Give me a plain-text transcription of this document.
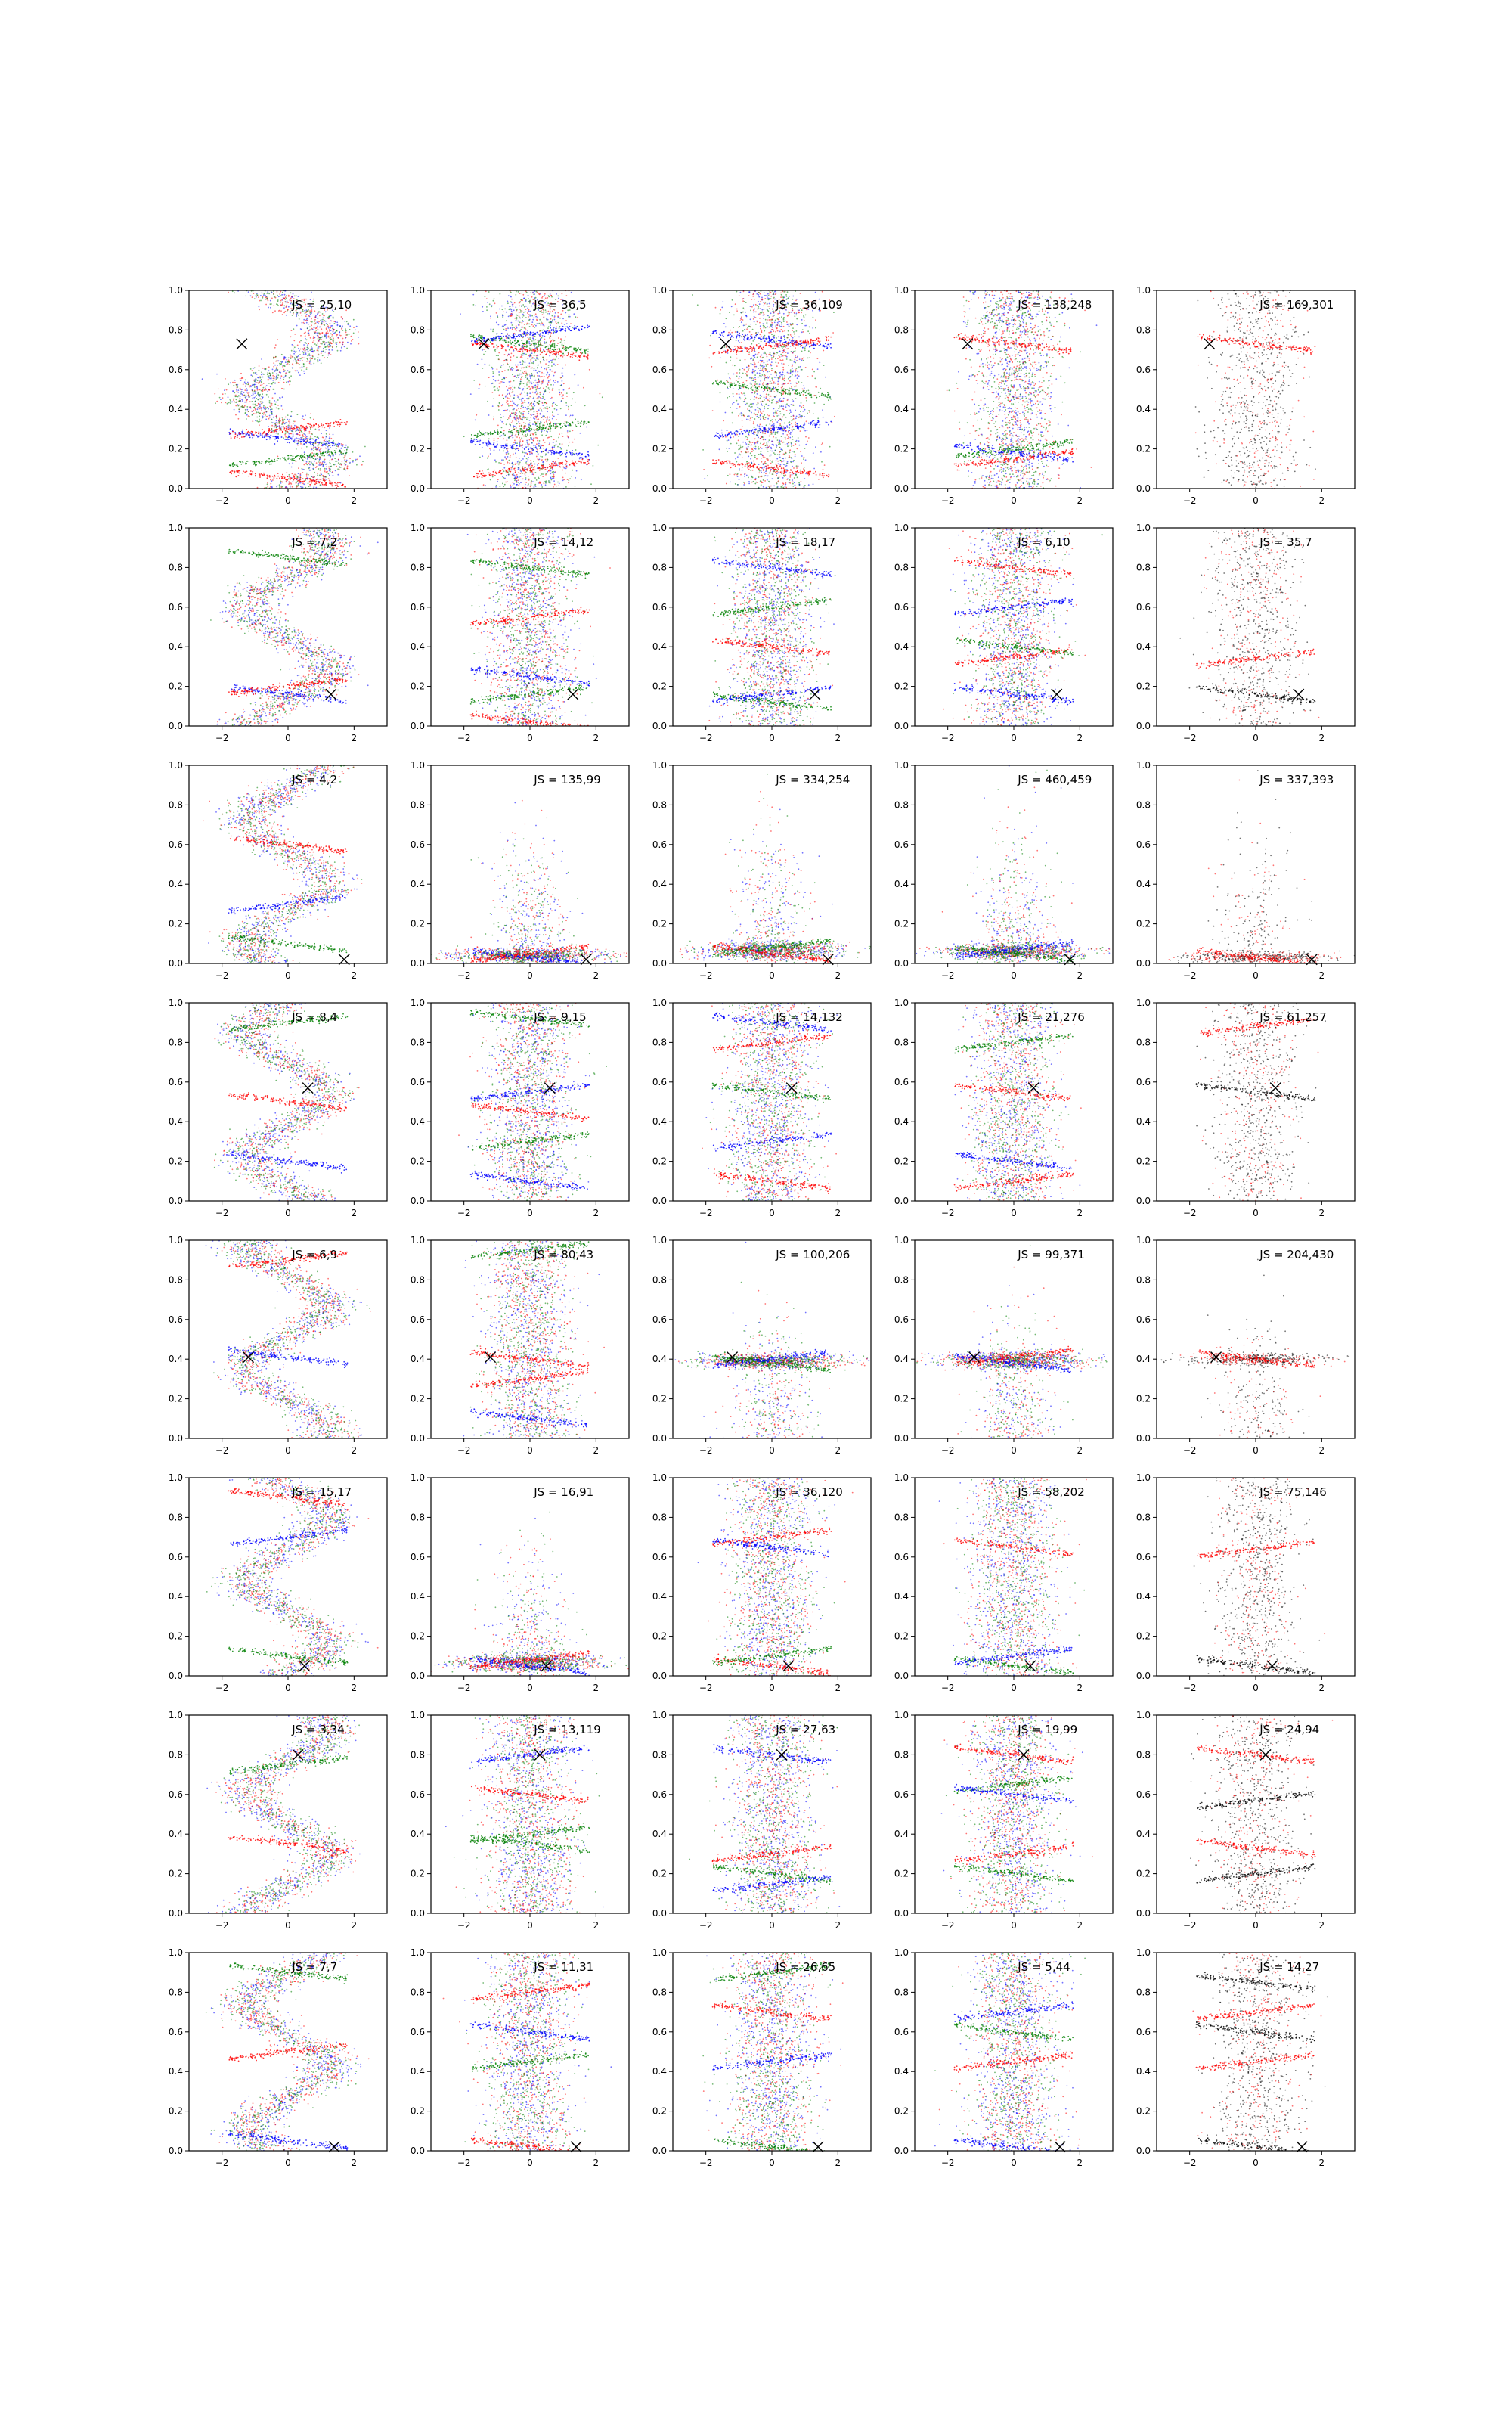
0.0
0.2
0.4
0.6
0.8
1.0
−2	0	2
JS = 25,10
0.0
0.2
0.4
0.6
0.8
1.0
−2	0	2
JS = 36,5
0.0
0.2
0.4
0.6
0.8
1.0
−2	0	2
JS = 36,109
0.0
0.2
0.4
0.6
0.8
1.0
−2	0	2
JS = 138,248
0.0
0.2
0.4
0.6
0.8
1.0
−2	0	2
JS = 169,301
0.0
0.2
0.4
0.6
0.8
1.0
−2	0	2
JS = 7,2
0.0
0.2
0.4
0.6
0.8
1.0
−2	0	2
JS = 14,12
0.0
0.2
0.4
0.6
0.8
1.0
−2	0	2
JS = 18,17
0.0
0.2
0.4
0.6
0.8
1.0
−2	0	2
JS = 6,10
0.0
0.2
0.4
0.6
0.8
1.0
−2	0	2
JS = 35,7
0.0
0.2
0.4
0.6
0.8
1.0
−2	0	2
JS = 4,2
0.0
0.2
0.4
0.6
0.8
1.0
−2	0	2
JS = 135,99
0.0
0.2
0.4
0.6
0.8
1.0
−2	0	2
JS = 334,254
0.0
0.2
0.4
0.6
0.8
1.0
−2	0	2
JS = 460,459
0.0
0.2
0.4
0.6
0.8
1.0
−2	0	2
JS = 337,393
0.0
0.2
0.4
0.6
0.8
1.0
−2	0	2
JS = 8,4
0.0
0.2
0.4
0.6
0.8
1.0
−2	0	2
JS = 9,15
0.0
0.2
0.4
0.6
0.8
1.0
−2	0	2
JS = 14,132
0.0
0.2
0.4
0.6
0.8
1.0
−2	0	2
JS = 21,276
0.0
0.2
0.4
0.6
0.8
1.0
−2	0	2
JS = 61,257
0.0
0.2
0.4
0.6
0.8
1.0
−2	0	2
JS = 6,9
0.0
0.2
0.4
0.6
0.8
1.0
−2	0	2
JS = 80,43
0.0
0.2
0.4
0.6
0.8
1.0
−2	0	2
JS = 100,206
0.0
0.2
0.4
0.6
0.8
1.0
−2	0	2
JS = 99,371
0.0
0.2
0.4
0.6
0.8
1.0
−2	0	2
JS = 204,430
0.0
0.2
0.4
0.6
0.8
1.0
−2	0	2
JS = 15,17
0.0
0.2
0.4
0.6
0.8
1.0
−2	0	2
JS = 16,91
0.0
0.2
0.4
0.6
0.8
1.0
−2	0	2
JS = 36,120
0.0
0.2
0.4
0.6
0.8
1.0
−2	0	2
JS = 58,202
0.0
0.2
0.4
0.6
0.8
1.0
−2	0	2
JS = 75,146
0.0
0.2
0.4
0.6
0.8
1.0
−2	0	2
JS = 3,34
0.0
0.2
0.4
0.6
0.8
1.0
−2	0	2
JS = 13,119
0.0
0.2
0.4
0.6
0.8
1.0
−2	0	2
JS = 27,63
0.0
0.2
0.4
0.6
0.8
1.0
−2	0	2
JS = 19,99
0.0
0.2
0.4
0.6
0.8
1.0
−2	0	2
JS = 24,94
0.0
0.2
0.4
0.6
0.8
1.0
−2	0	2
JS = 7,7
0.0
0.2
0.4
0.6
0.8
1.0
−2	0	2
JS = 11,31
0.0
0.2
0.4
0.6
0.8
1.0
−2	0	2
JS = 26,65
0.0
0.2
0.4
0.6
0.8
1.0
−2	0	2
JS = 5,44
0.0
0.2
0.4
0.6
0.8
1.0
−2	0	2
JS = 14,27
